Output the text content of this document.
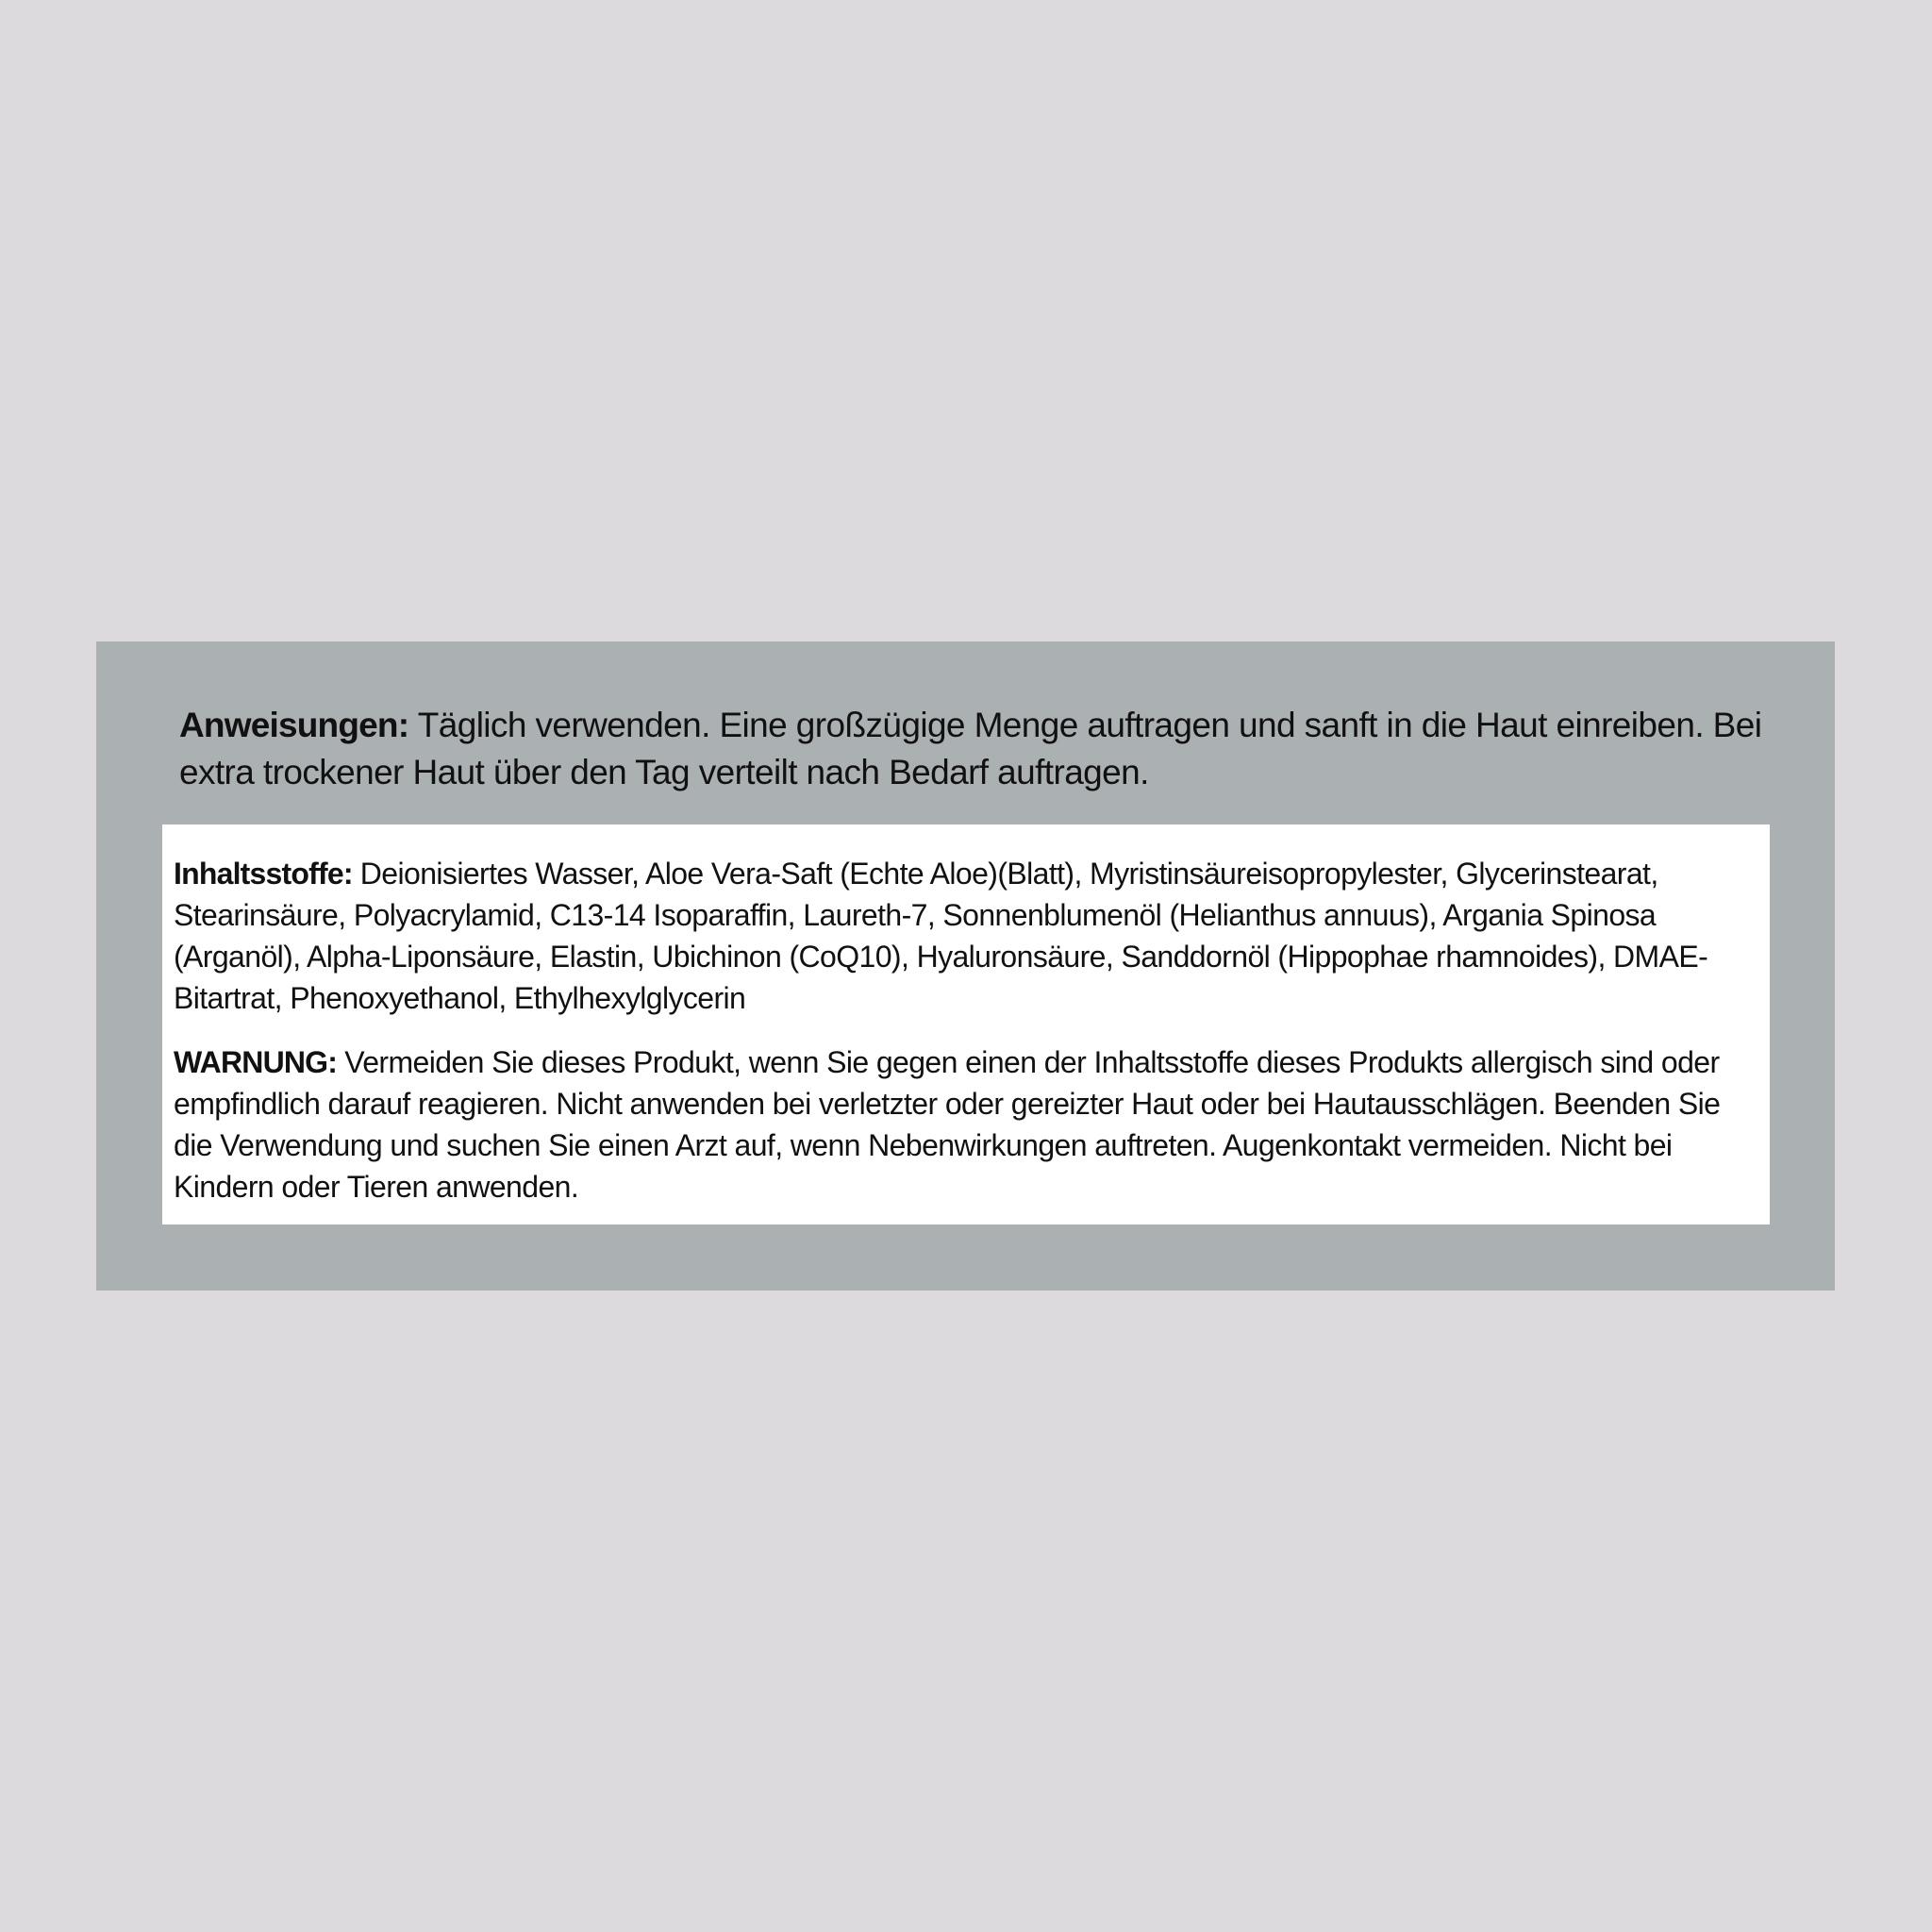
Anweisungen: Täglich verwenden. Eine großzügige Menge auftragen und sanft in die Haut einreiben. Bei extra trockener Haut über den Tag verteilt nach Bedarf auftragen.

Inhaltsstoffe: Deionisiertes Wasser, Aloe Vera-Saft (Echte Aloe)(Blatt), Myristinsäureisopropylester, Glycerinstearat, Stearinsäure, Polyacrylamid, C13-14 Isoparaffin, Laureth-7, Sonnenblumenöl (Helianthus annuus), Argania Spinosa (Arganöl), Alpha-Liponsäure, Elastin, Ubichinon (CoQ10), Hyaluronsäure, Sanddornöl (Hippophae rhamnoides), DMAE-Bitartrat, Phenoxyethanol, Ethylhexylglycerin

WARNUNG: Vermeiden Sie dieses Produkt, wenn Sie gegen einen der Inhaltsstoffe dieses Produkts allergisch sind oder empfindlich darauf reagieren. Nicht anwenden bei verletzter oder gereizter Haut oder bei Hautausschlägen. Beenden Sie die Verwendung und suchen Sie einen Arzt auf, wenn Nebenwirkungen auftreten. Augenkontakt vermeiden. Nicht bei Kindern oder Tieren anwenden.
